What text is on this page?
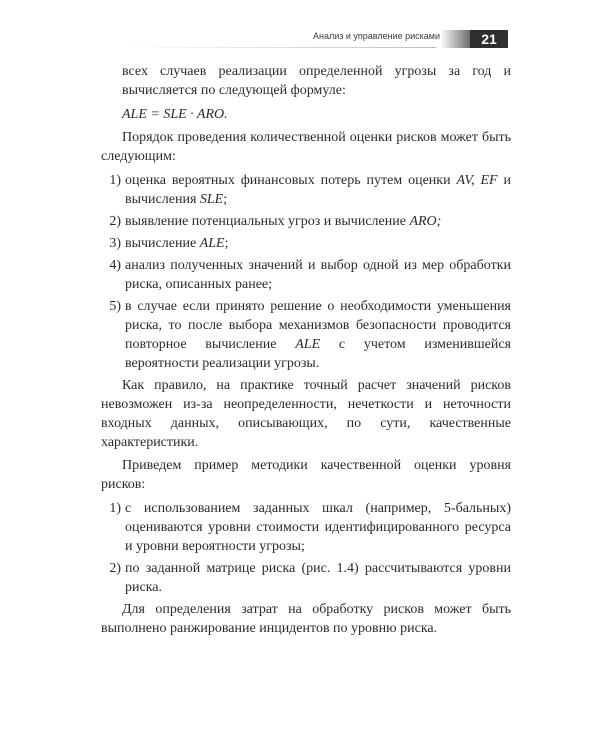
Анализ и управление рисками	21

всех случаев реализации определенной угрозы за год и вычисляется по следующей формуле:

ALE = SLE · ARO.

Порядок проведения количественной оценки рисков может быть следующим:

1) оценка вероятных финансовых потерь путем оценки AV, EF и вычисления SLE;
2) выявление потенциальных угроз и вычисление ARO;
3) вычисление ALE;
4) анализ полученных значений и выбор одной из мер обработки риска, описанных ранее;
5) в случае если принято решение о необходимости уменьшения риска, то после выбора механизмов безопасности проводится повторное вычисление ALE с учетом изменившейся вероятности реализации угрозы.

Как правило, на практике точный расчет значений рисков невозможен из-за неопределенности, нечеткости и неточности входных данных, описывающих, по сути, качественные характеристики.

Приведем пример методики качественной оценки уровня рисков:

1) с использованием заданных шкал (например, 5-бальных) оцениваются уровни стоимости идентифицированного ресурса и уровни вероятности угрозы;
2) по заданной матрице риска (рис. 1.4) рассчитываются уровни риска.

Для определения затрат на обработку рисков может быть выполнено ранжирование инцидентов по уровню риска.
